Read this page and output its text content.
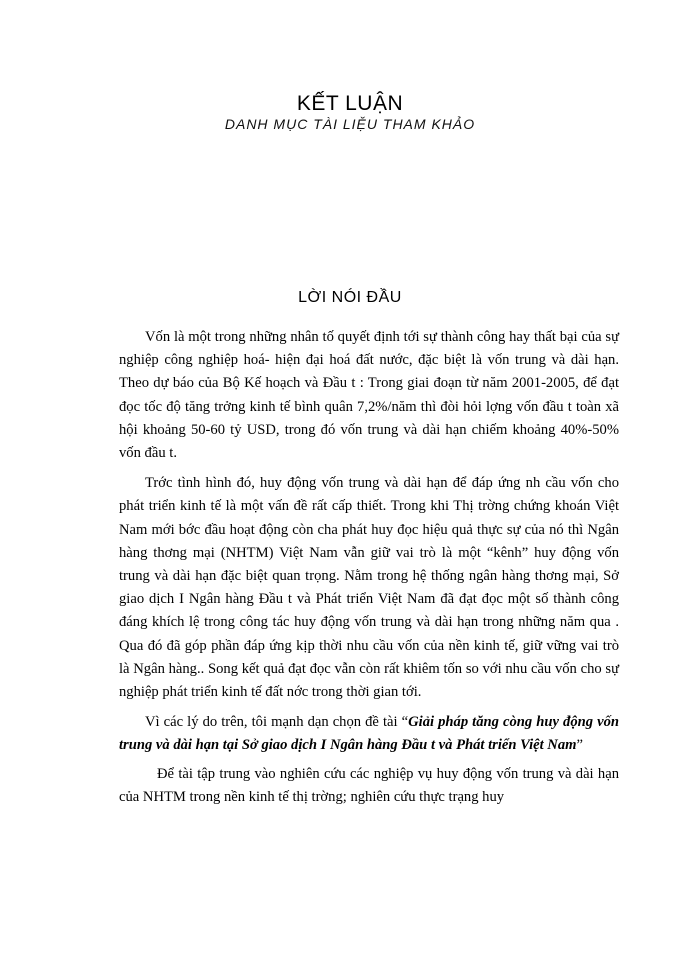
KẾT LUẬN
DANH MỤC TÀI LIỆU THAM KHẢO
LỜI NÓI ĐẦU

Vốn là một trong những nhân tố quyết định tới sự thành công hay thất bại của sự nghiệp công nghiệp hoá- hiện đại hoá đất nước, đặc biệt là vốn trung và dài hạn. Theo dự báo của Bộ Kế hoạch và Đầu t : Trong giai đoạn từ năm 2001-2005, để đạt đọc tốc độ tăng trởng kinh tế bình quân 7,2%/năm thì đòi hỏi lợng vốn đầu t toàn xã hội khoảng 50-60 tỷ USD, trong đó vốn trung và dài hạn chiếm khoảng 40%-50% vốn đầu t.

Trớc tình hình đó, huy động vốn trung và dài hạn để đáp ứng nh cầu vốn cho phát triển kinh tế là một vấn đề rất cấp thiết. Trong khi Thị trờng chứng khoán Việt Nam mới bớc đầu hoạt động còn cha phát huy đọc hiệu quả thực sự của nó thì Ngân hàng thơng mại (NHTM) Việt Nam vẫn giữ vai trò là một “kênh” huy động vốn trung và dài hạn đặc biệt quan trọng. Nằm trong hệ thống ngân hàng thơng mại, Sở giao dịch I Ngân hàng Đầu t và Phát triển Việt Nam đã đạt đọc một số thành công đáng khích lệ trong công tác huy động vốn trung và dài hạn trong những năm qua . Qua đó đã góp phần đáp ứng kịp thời nhu cầu vốn của nền kinh tế, giữ vững vai trò là Ngân hàng.. Song kết quả đạt đọc vẫn còn rất khiêm tốn so với nhu cầu vốn cho sự nghiệp phát triển kinh tế đất nớc trong thời gian tới.

Vì các lý do trên, tôi mạnh dạn chọn đề tài “Giải pháp tăng còng huy động vốn trung và dài hạn tại Sở giao dịch I Ngân hàng Đầu t và Phát triển Việt Nam”

Để tài tập trung vào nghiên cứu các nghiệp vụ huy động vốn trung và dài hạn của NHTM trong nền kinh tế thị trờng; nghiên cứu thực trạng huy
